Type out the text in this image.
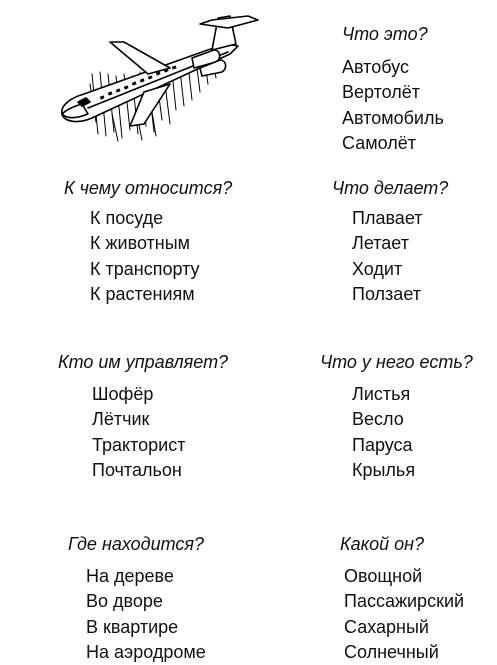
Что это?

Автобус
Вертолёт
Автомобиль
Самолёт

К чему относится?

К посуде
К животным
К транспорту
К растениям

Что делает?

Плавает
Летает
Ходит
Ползает

Кто им управляет?

Шофёр
Лётчик
Тракторист
Почтальон

Что у него есть?

Листья
Весло
Паруса
Крылья

Где находится?

На дереве
Во дворе
В квартире
На аэродроме

Какой он?

Овощной
Пассажирский
Сахарный
Солнечный
